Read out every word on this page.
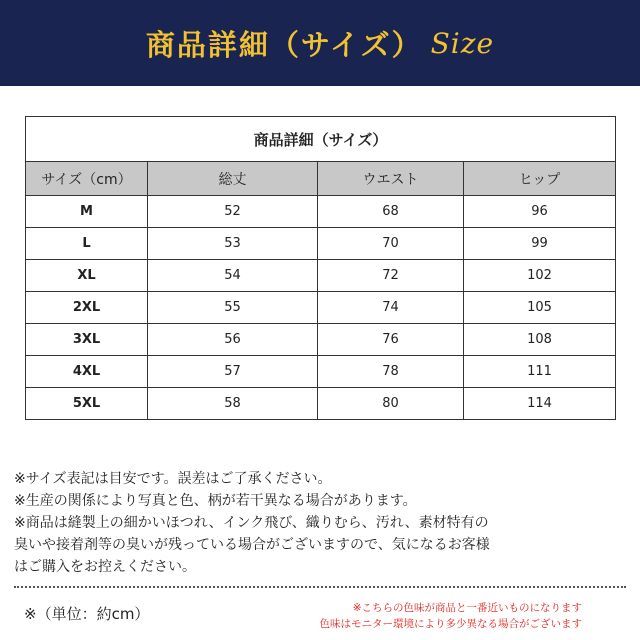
商品詳細（サイズ） Size
商品詳細（サイズ）			
サイズ（cm）	総丈	ウエスト	ヒップ
M	52	68	96
L	53	70	99
XL	54	72	102
2XL	55	74	105
3XL	56	76	108
4XL	57	78	111
5XL	58	80	114
※サイズ表記は目安です。誤差はご了承ください。
※生産の関係により写真と色、柄が若干異なる場合があります。
※商品は縫製上の細かいほつれ、インク飛び、織りむら、汚れ、素材特有の
臭いや接着剤等の臭いが残っている場合がございますので、気になるお客様
はご購入をお控えください。
※（単位：約cm）	※こちらの色味が商品と一番近いものになります
色味はモニター環境により多少異なる場合がございます
